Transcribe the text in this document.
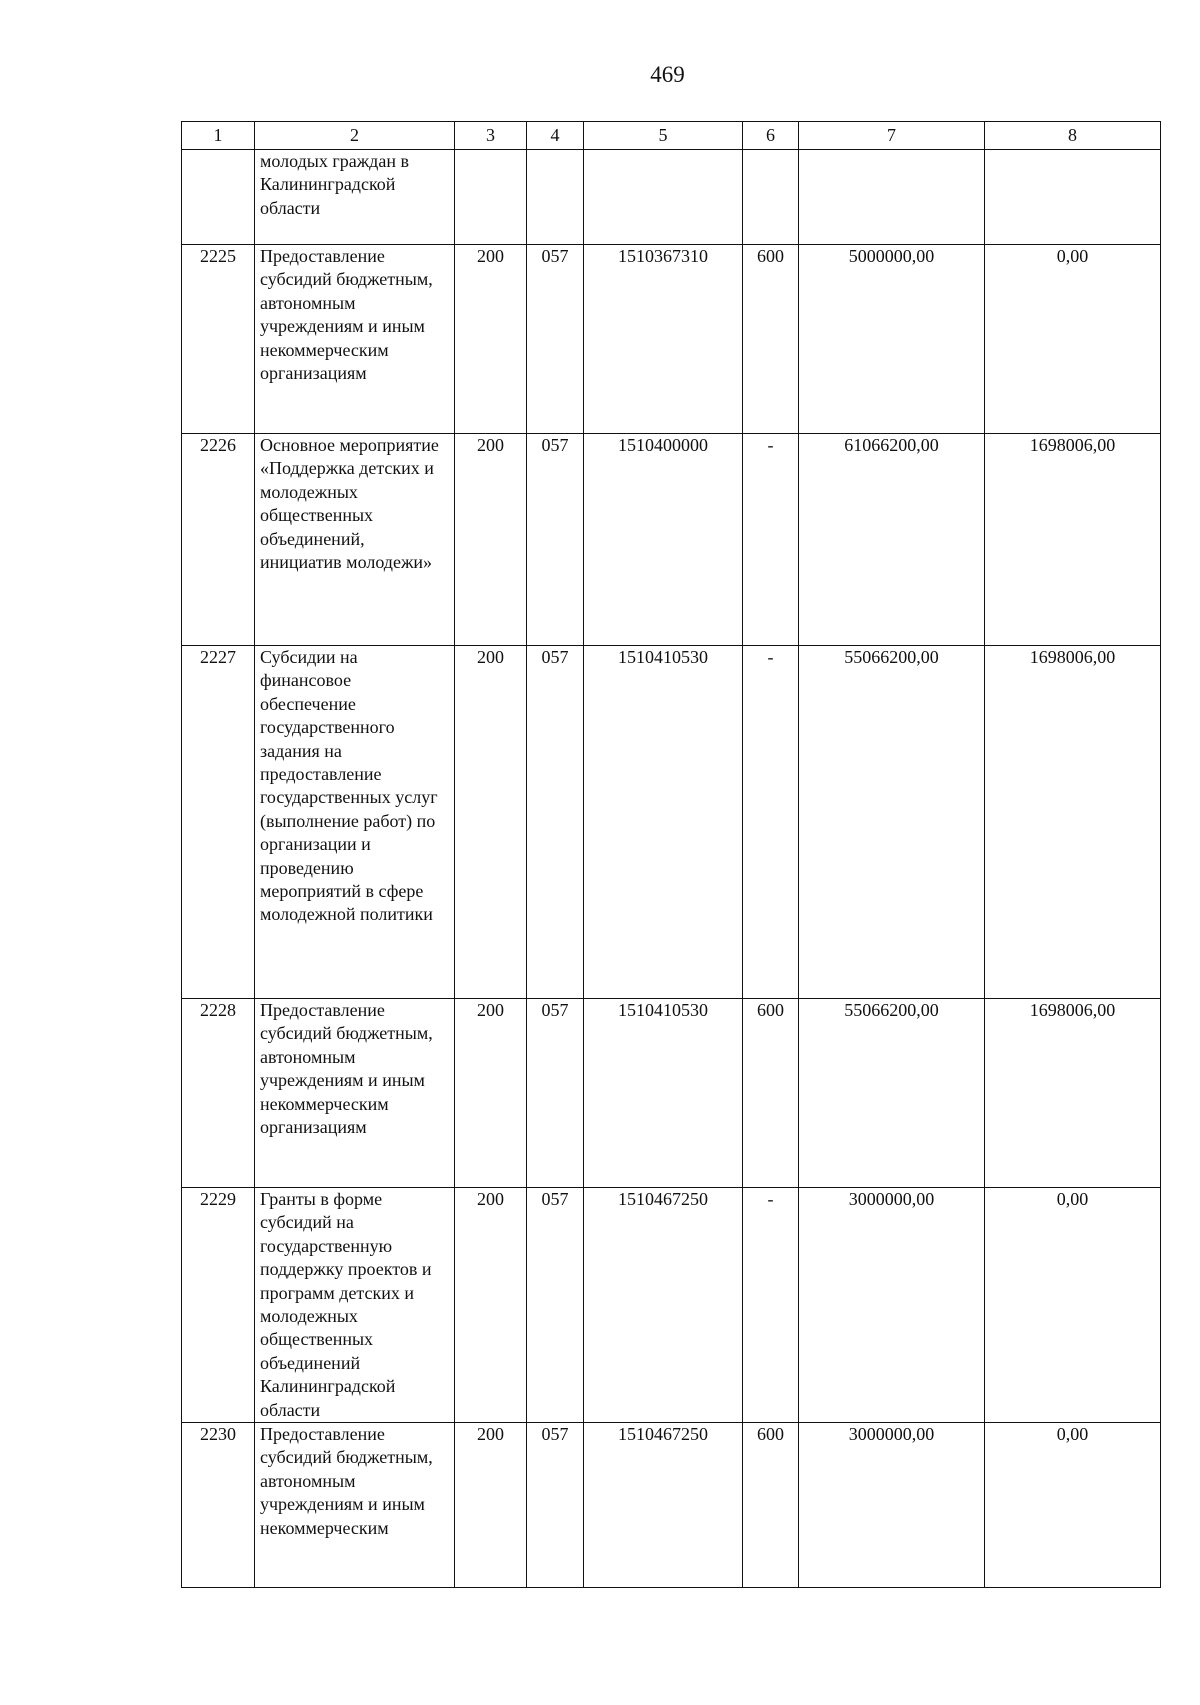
469
1	2	3	4	5	6	7	8
	молодых граждан в Калининградской области						
2225	Предоставление субсидий бюджетным, автономным учреждениям и иным некоммерческим организациям	200	057	1510367310	600	5000000,00	0,00
2226	Основное мероприятие «Поддержка детских и молодежных общественных объединений, инициатив молодежи»	200	057	1510400000	-	61066200,00	1698006,00
2227	Субсидии на финансовое обеспечение государственного задания на предоставление государственных услуг (выполнение работ) по организации и проведению мероприятий в сфере молодежной политики	200	057	1510410530	-	55066200,00	1698006,00
2228	Предоставление субсидий бюджетным, автономным учреждениям и иным некоммерческим организациям	200	057	1510410530	600	55066200,00	1698006,00
2229	Гранты в форме субсидий на государственную поддержку проектов и программ детских и молодежных общественных объединений Калининградской области	200	057	1510467250	-	3000000,00	0,00
2230	Предоставление субсидий бюджетным, автономным учреждениям и иным некоммерческим	200	057	1510467250	600	3000000,00	0,00
